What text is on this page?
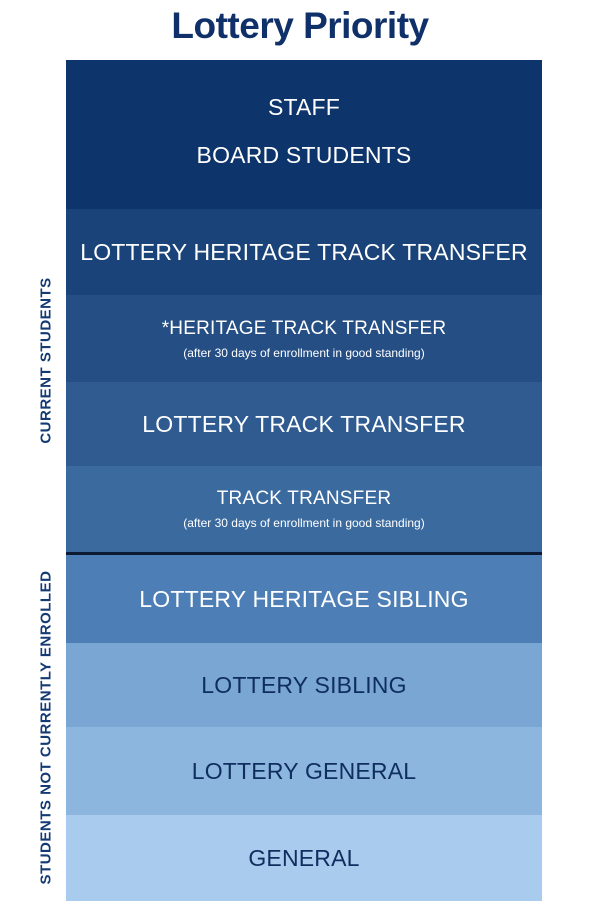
Lottery Priority
CURRENT STUDENTS
STUDENTS NOT CURRENTLY ENROLLED
STAFF
BOARD STUDENTS
LOTTERY HERITAGE TRACK TRANSFER
*HERITAGE TRACK TRANSFER
(after 30 days of enrollment in good standing)
LOTTERY TRACK TRANSFER
TRACK TRANSFER
(after 30 days of enrollment in good standing)
LOTTERY HERITAGE SIBLING
LOTTERY SIBLING
LOTTERY GENERAL
GENERAL
